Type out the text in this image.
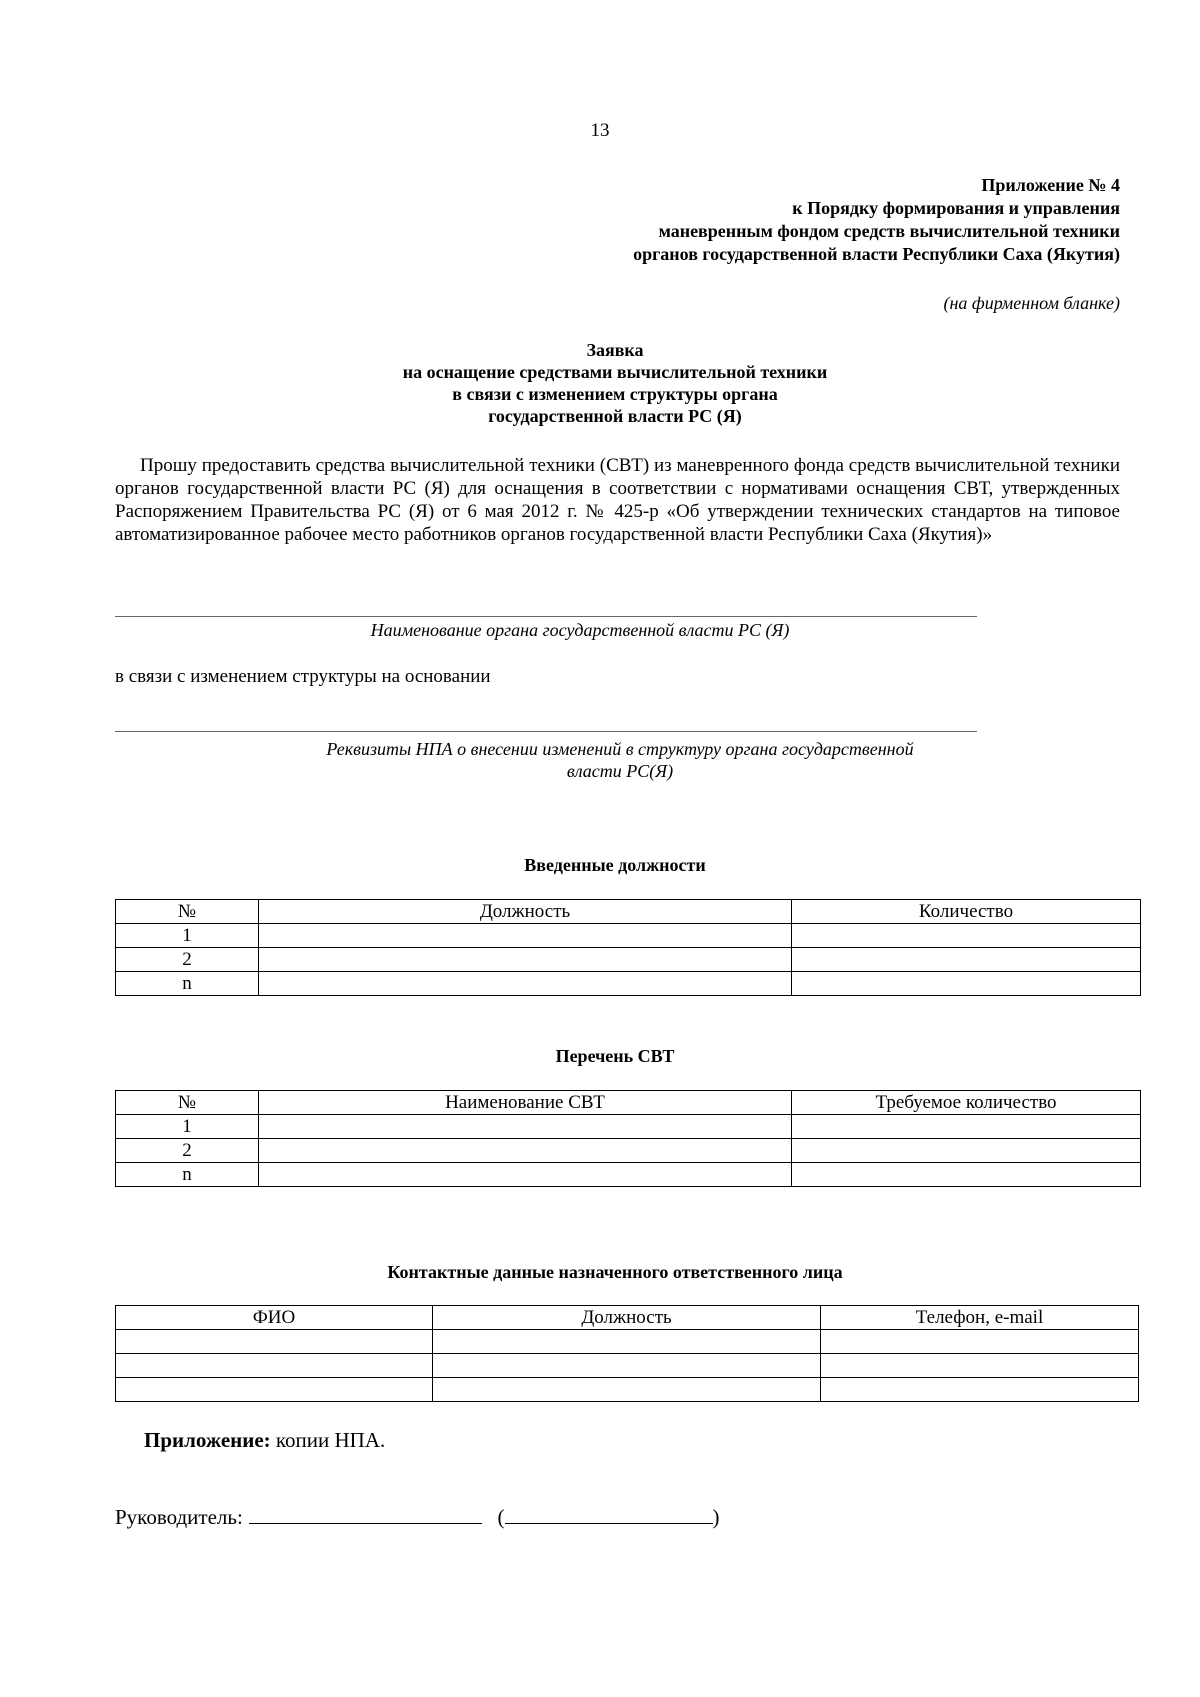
13
Приложение № 4
к Порядку формирования и управления
маневренным фондом средств вычислительной техники
органов государственной власти Республики Саха (Якутия)
(на фирменном бланке)
Заявка
на оснащение средствами вычислительной техники
в связи с изменением структуры органа
государственной власти РС (Я)

Прошу предоставить средства вычислительной техники (СВТ) из маневренного фонда средств вычислительной техники органов государственной власти РС (Я) для оснащения в соответствии с нормативами оснащения СВТ, утвержденных Распоряжением Правительства РС (Я) от 6 мая 2012 г. № 425-р «Об утверждении технических стандартов на типовое автоматизированное рабочее место работников органов государственной власти Республики Саха (Якутия)»

Наименование органа государственной власти РС (Я)
в связи с изменением структуры на основании
Реквизиты НПА о внесении изменений в структуру органа государственной
власти РС(Я)
Введенные должности
№	Должность	Количество
1		
2		
n		
Перечень СВТ
№	Наименование СВТ	Требуемое количество
1		
2		
n		
Контактные данные назначенного ответственного лица
ФИО	Должность	Телефон, e-mail

Приложение: копии НПА.
Руководитель:	(	)
